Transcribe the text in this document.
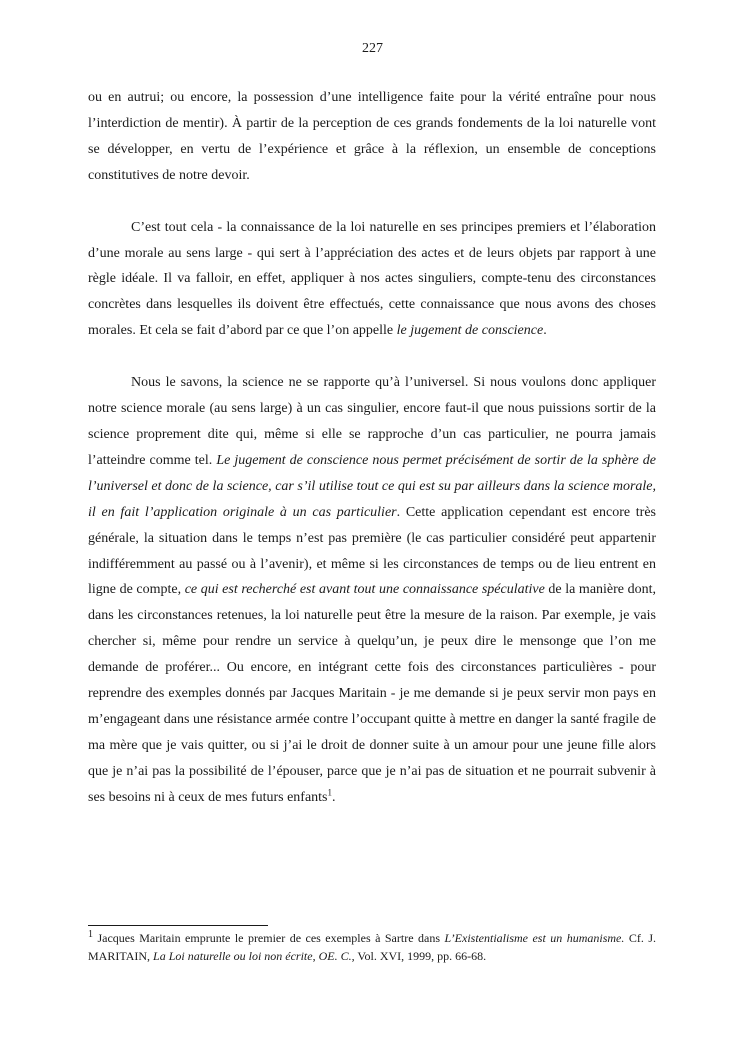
227

ou en autrui; ou encore, la possession d’une intelligence faite pour la vérité entraîne pour nous l’interdiction de mentir). À partir de la perception de ces grands fondements de la loi naturelle vont se développer, en vertu de l’expérience et grâce à la réflexion, un ensemble de conceptions constitutives de notre devoir.

C’est tout cela - la connaissance de la loi naturelle en ses principes premiers et l’élaboration d’une morale au sens large - qui sert à l’appréciation des actes et de leurs objets par rapport à une règle idéale. Il va falloir, en effet, appliquer à nos actes singuliers, compte-tenu des circonstances concrètes dans lesquelles ils doivent être effectués, cette connaissance que nous avons des choses morales. Et cela se fait d’abord par ce que l’on appelle le jugement de conscience.

Nous le savons, la science ne se rapporte qu’à l’universel. Si nous voulons donc appliquer notre science morale (au sens large) à un cas singulier, encore faut-il que nous puissions sortir de la science proprement dite qui, même si elle se rapproche d’un cas particulier, ne pourra jamais l’atteindre comme tel. Le jugement de conscience nous permet précisément de sortir de la sphère de l’universel et donc de la science, car s’il utilise tout ce qui est su par ailleurs dans la science morale, il en fait l’application originale à un cas particulier. Cette application cependant est encore très générale, la situation dans le temps n’est pas première (le cas particulier considéré peut appartenir indifféremment au passé ou à l’avenir), et même si les circonstances de temps ou de lieu entrent en ligne de compte, ce qui est recherché est avant tout une connaissance spéculative de la manière dont, dans les circonstances retenues, la loi naturelle peut être la mesure de la raison. Par exemple, je vais chercher si, même pour rendre un service à quelqu’un, je peux dire le mensonge que l’on me demande de proférer... Ou encore, en intégrant cette fois des circonstances particulières - pour reprendre des exemples donnés par Jacques Maritain - je me demande si je peux servir mon pays en m’engageant dans une résistance armée contre l’occupant quitte à mettre en danger la santé fragile de ma mère que je vais quitter, ou si j’ai le droit de donner suite à un amour pour une jeune fille alors que je n’ai pas la possibilité de l’épouser, parce que je n’ai pas de situation et ne pourrait subvenir à ses besoins ni à ceux de mes futurs enfants$^1$.

$^1$ Jacques Maritain emprunte le premier de ces exemples à Sartre dans L’Existentialisme est un humanisme. Cf. J. MARITAIN, La Loi naturelle ou loi non écrite, OE. C., Vol. XVI, 1999, pp. 66-68.
